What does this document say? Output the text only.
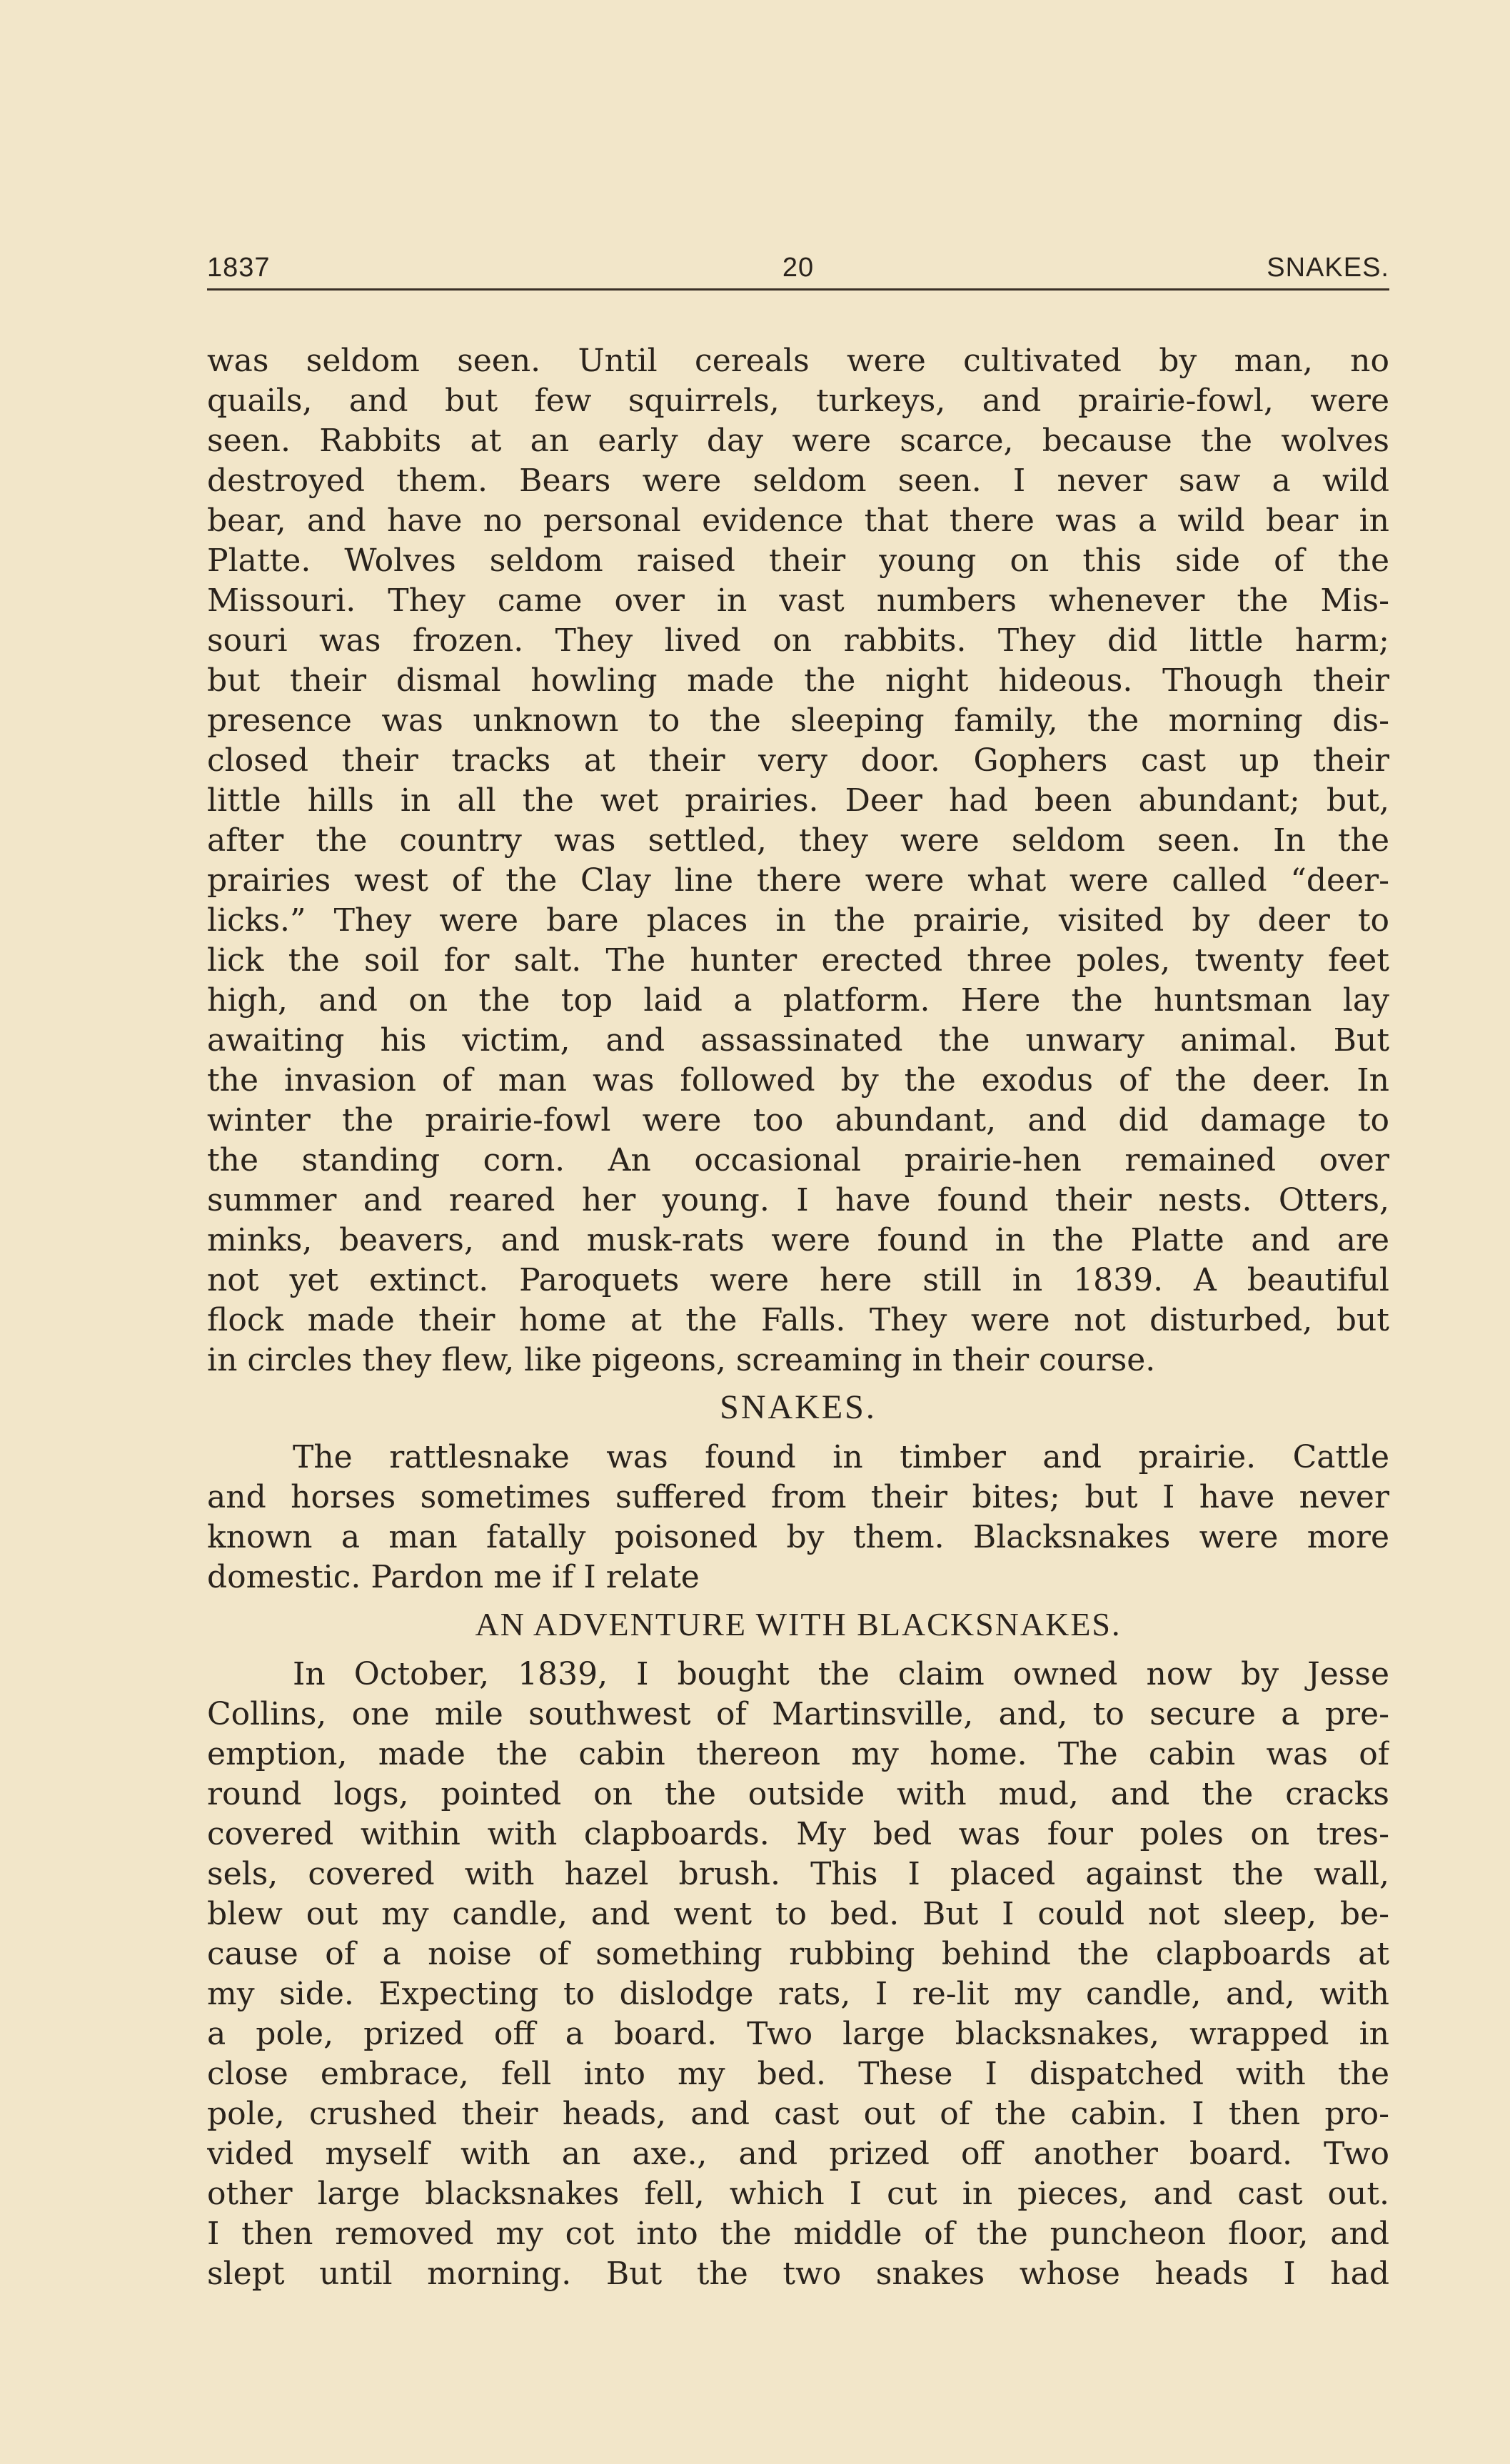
1837	20	SNAKES.
was seldom seen. Until cereals were cultivated by man, no
quails, and but few squirrels, turkeys, and prairie-fowl, were
seen. Rabbits at an early day were scarce, because the wolves
destroyed them. Bears were seldom seen. I never saw a wild
bear, and have no personal evidence that there was a wild bear in
Platte. Wolves seldom raised their young on this side of the
Missouri. They came over in vast numbers whenever the Mis-
souri was frozen. They lived on rabbits. They did little harm;
but their dismal howling made the night hideous. Though their
presence was unknown to the sleeping family, the morning dis-
closed their tracks at their very door. Gophers cast up their
little hills in all the wet prairies. Deer had been abundant; but,
after the country was settled, they were seldom seen. In the
prairies west of the Clay line there were what were called “deer-
licks.” They were bare places in the prairie, visited by deer to
lick the soil for salt. The hunter erected three poles, twenty feet
high, and on the top laid a platform. Here the huntsman lay
awaiting his victim, and assassinated the unwary animal. But
the invasion of man was followed by the exodus of the deer. In
winter the prairie-fowl were too abundant, and did damage to
the standing corn. An occasional prairie-hen remained over
summer and reared her young. I have found their nests. Otters,
minks, beavers, and musk-rats were found in the Platte and are
not yet extinct. Paroquets were here still in 1839. A beautiful
flock made their home at the Falls. They were not disturbed, but
in circles they flew, like pigeons, screaming in their course.
SNAKES.
The rattlesnake was found in timber and prairie. Cattle
and horses sometimes suffered from their bites; but I have never
known a man fatally poisoned by them. Blacksnakes were more
domestic. Pardon me if I relate
AN ADVENTURE WITH BLACKSNAKES.
In October, 1839, I bought the claim owned now by Jesse
Collins, one mile southwest of Martinsville, and, to secure a pre-
emption, made the cabin thereon my home. The cabin was of
round logs, pointed on the outside with mud, and the cracks
covered within with clapboards. My bed was four poles on tres-
sels, covered with hazel brush. This I placed against the wall,
blew out my candle, and went to bed. But I could not sleep, be-
cause of a noise of something rubbing behind the clapboards at
my side. Expecting to dislodge rats, I re-lit my candle, and, with
a pole, prized off a board. Two large blacksnakes, wrapped in
close embrace, fell into my bed. These I dispatched with the
pole, crushed their heads, and cast out of the cabin. I then pro-
vided myself with an axe., and prized off another board. Two
other large blacksnakes fell, which I cut in pieces, and cast out.
I then removed my cot into the middle of the puncheon floor, and
slept until morning. But the two snakes whose heads I had
